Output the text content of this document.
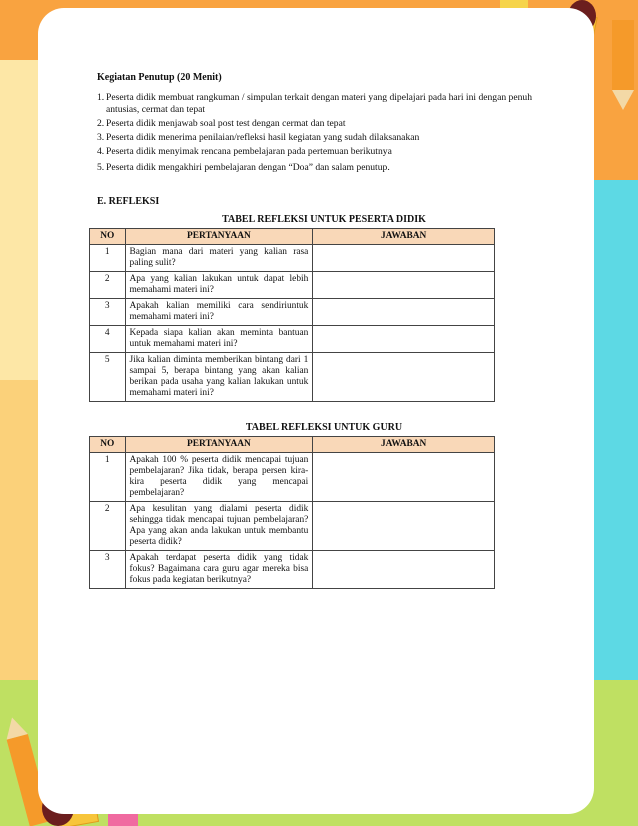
Kegiatan Penutup (20 Menit)
1. Peserta didik membuat rangkuman / simpulan terkait dengan materi yang dipelajari pada hari ini dengan penuh antusias, cermat dan tepat
2. Peserta didik menjawab soal post test dengan cermat dan tepat
3. Peserta didik menerima penilaian/refleksi hasil kegiatan yang sudah dilaksanakan
4. Peserta didik menyimak rencana pembelajaran pada pertemuan berikutnya
5. Peserta didik mengakhiri pembelajaran dengan “Doa” dan salam penutup.
E. REFLEKSI
TABEL REFLEKSI UNTUK PESERTA DIDIK
NO	PERTANYAAN	JAWABAN
1	Bagian mana dari materi yang kalian rasa paling sulit?	
2	Apa yang kalian lakukan untuk dapat lebih memahami materi ini?	
3	Apakah kalian memiliki cara sendiriuntuk memahami materi ini?	
4	Kepada siapa kalian akan meminta bantuan untuk memahami materi ini?	
5	Jika kalian diminta memberikan bintang dari 1 sampai 5, berapa bintang yang akan kalian berikan pada usaha yang kalian lakukan untuk memahami materi ini?	
TABEL REFLEKSI UNTUK GURU
NO	PERTANYAAN	JAWABAN
1	Apakah 100 % peserta didik mencapai tujuan pembelajaran? Jika tidak, berapa persen kira-kira peserta didik yang mencapai pembelajaran?	
2	Apa kesulitan yang dialami peserta didik sehingga tidak mencapai tujuan pembelajaran? Apa yang akan anda lakukan untuk membantu peserta didik?	
3	Apakah terdapat peserta didik yang tidak fokus? Bagaimana cara guru agar mereka bisa fokus pada kegiatan berikutnya?	
